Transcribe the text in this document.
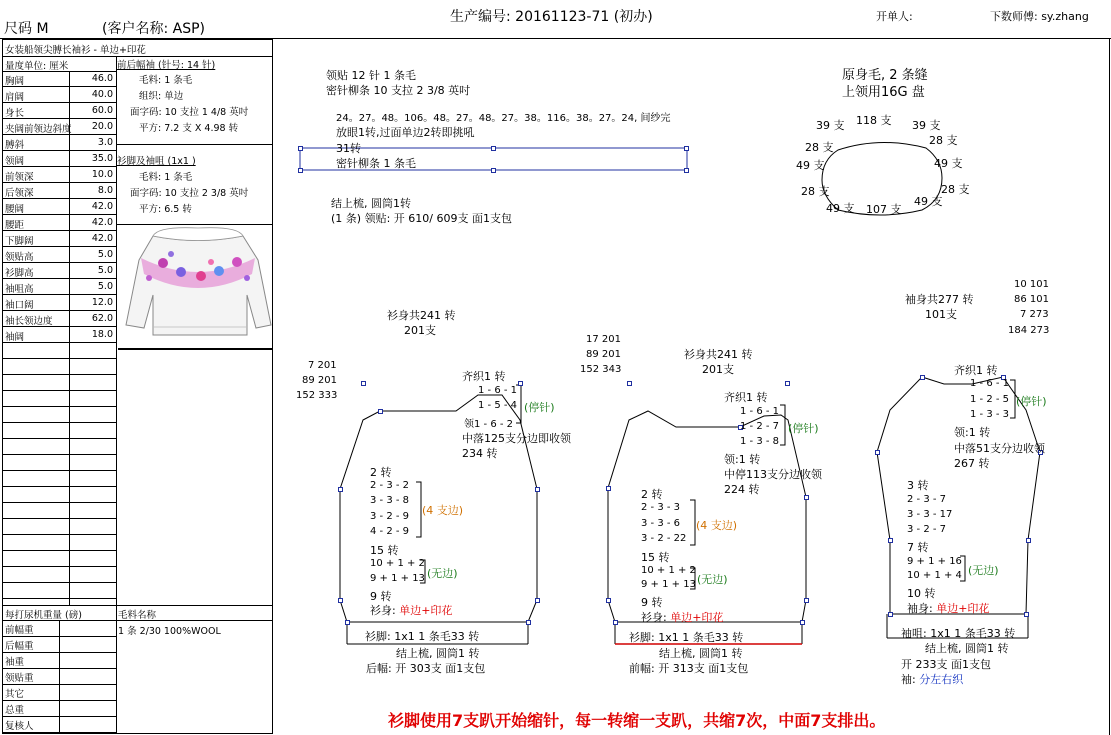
尺码 M	(客户名称: ASP)
生产编号: 20161123-71 (初办)	开单人:	下数师傅: sy.zhang
女装船领尖膊长袖衫 - 单边+印花
量度单位: 厘米
胸阔	46.0
肩阔	40.0
身长	60.0
夹阔前领边斜度 20.0
膊斜	3.0
领阔	35.0
前领深	10.0
后领深	8.0
腰阔	42.0
腰距	42.0
下脚阔	42.0
领贴高	5.0
衫脚高	5.0
袖咀高	5.0
袖口阔	12.0
袖长领边度	62.0
袖阔	18.0
前后幅袖 (针号: 14 针)
毛料: 1 条毛
组织: 单边
面字码: 10 支拉 1 4/8 英吋
平方: 7.2 支 X 4.98 转
衫脚及袖咀 (1x1 )
毛料: 1 条毛
面字码: 10 支拉 2 3/8 英吋
平方: 6.5 转
每打尿机重量 (磅)	毛料名称
1 条 2/30 100%WOOL
前幅重
后幅重
袖重
领贴重
其它
总重
复核人
领贴 12 针 1 条毛
密针柳条 10 支拉 2 3/8 英吋
24。27。48。106。48。27。48。27。38。116。38。27。24, 间纱完
放眼1转,过面单边2转即挑吼
31转
密针柳条 1 条毛
结上梳, 圆筒1转
(1 条) 领贴: 开 610/ 609支 面1支包
原身毛, 2 条缝
上领用16G 盘
39 支 118 支 39 支
28 支
28 支
49 支	49 支
28 支	28 支
49 支 107 支
49 支
衫身共241 转
201支
7 201
89 201
152 333
齐织1 转
1 - 6 - 1
1 - 5 - 4
领1 - 6 - 2
(停针)
中落125支分边即收领
234 转
2 转
2 - 3 - 2
3 - 3 - 8
3 - 2 - 9
4 - 2 - 9
(4 支边)
15 转
10 + 1 + 2
9 + 1 + 13 (无边)
9 转
衫身: 单边+印花
衫脚: 1x1 1 条毛33 转
结上梳, 圆筒1 转
后幅: 开 303支 面1支包
17 201
89 201
152 343
衫身共241 转
201支
齐织1 转
1 - 6 - 1
1 - 2 - 7
1 - 3 - 8
(停针)
领:1 转
中停113支分边收领
224 转
2 转
2 - 3 - 3
3 - 3 - 6
3 - 2 - 22
(4 支边)
15 转
10 + 1 + 2
9 + 1 + 13 (无边)
9 转
衫身: 单边+印花
衫脚: 1x1 1 条毛33 转
结上梳, 圆筒1 转
前幅: 开 313支 面1支包
10 101
86 101
7 273
184 273
袖身共277 转
101支
齐织1 转
1 - 6 - 1
1 - 2 - 5
1 - 3 - 3
(停针)
领:1 转
中落51支分边收领
267 转
3 转
2 - 3 - 7
3 - 3 - 17
3 - 2 - 7
7 转
9 + 1 + 16
10 + 1 + 4 (无边)
10 转
袖身: 单边+印花
袖咀: 1x1 1 条毛33 转
结上梳, 圆筒1 转
开 233支 面1支包
袖: 分左右织
衫脚使用7支趴开始缩针，每一转缩一支趴，共缩7次，中面7支排出。
